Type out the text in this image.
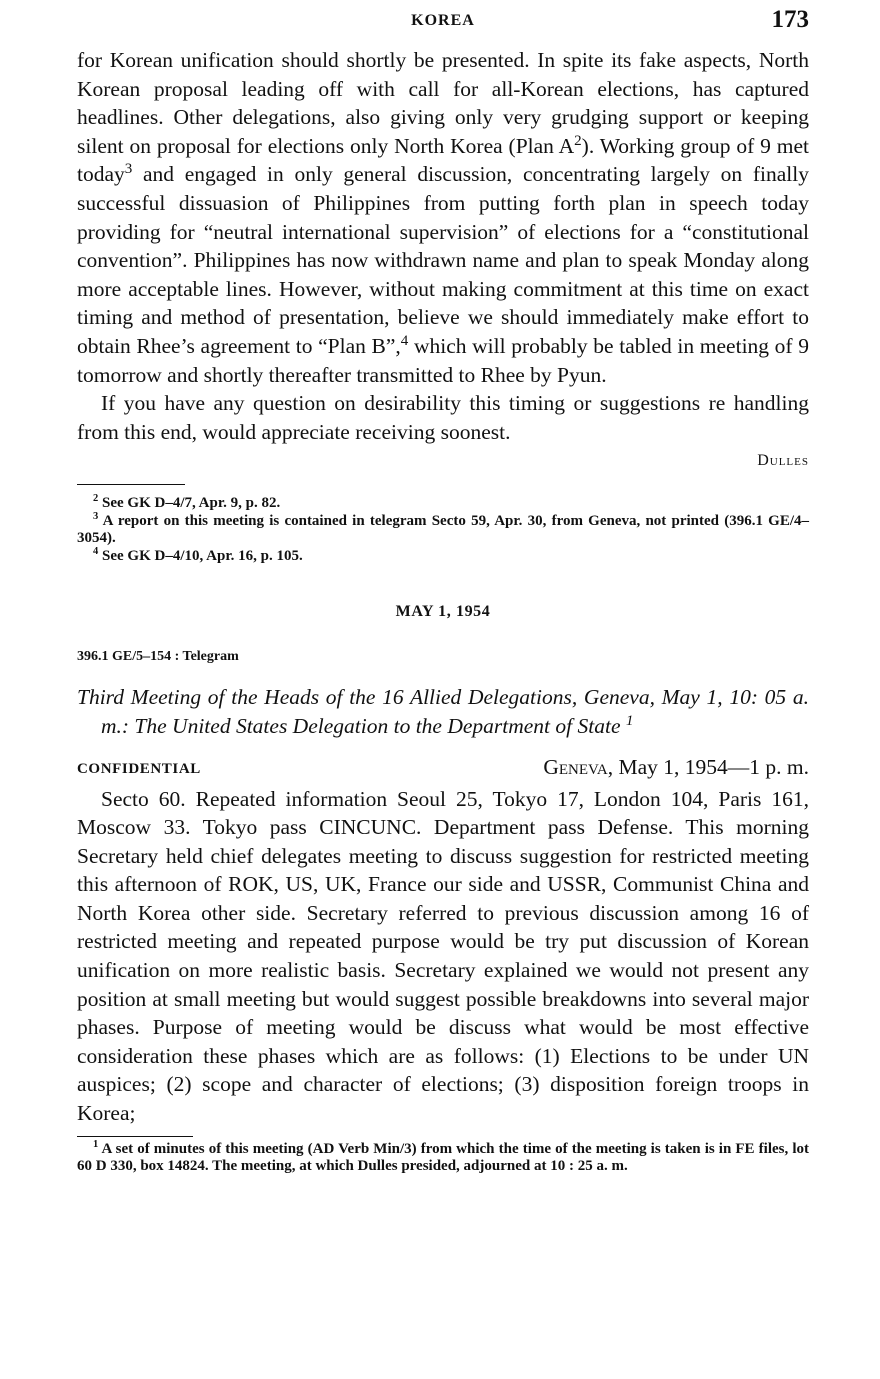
KOREA	173

for Korean unification should shortly be presented. In spite its fake aspects, North Korean proposal leading off with call for all-Korean elections, has captured headlines. Other delegations, also giving only very grudging support or keeping silent on proposal for elections only North Korea (Plan A$^2$). Working group of 9 met today$^3$ and engaged in only general discussion, concentrating largely on finally successful dissuasion of Philippines from putting forth plan in speech today providing for “neutral international supervision” of elections for a “constitutional convention”. Philippines has now withdrawn name and plan to speak Monday along more acceptable lines. However, without making commitment at this time on exact timing and method of presentation, believe we should immediately make effort to obtain Rhee’s agreement to “Plan B”,$^4$ which will probably be tabled in meeting of 9 tomorrow and shortly thereafter transmitted to Rhee by Pyun.

If you have any question on desirability this timing or suggestions re handling from this end, would appreciate receiving soonest.

Dulles

$^2$ See GK D–4/7, Apr. 9, p. 82.

$^3$ A report on this meeting is contained in telegram Secto 59, Apr. 30, from Geneva, not printed (396.1 GE/4–3054).

$^4$ See GK D–4/10, Apr. 16, p. 105.

MAY 1, 1954
396.1 GE/5–154 : Telegram

Third Meeting of the Heads of the 16 Allied Delegations, Geneva, May 1, 10: 05 a. m.: The United States Delegation to the Department of State $^1$

CONFIDENTIAL	Geneva, May 1, 1954—1 p. m.

Secto 60. Repeated information Seoul 25, Tokyo 17, London 104, Paris 161, Moscow 33. Tokyo pass CINCUNC. Department pass Defense. This morning Secretary held chief delegates meeting to discuss suggestion for restricted meeting this afternoon of ROK, US, UK, France our side and USSR, Communist China and North Korea other side. Secretary referred to previous discussion among 16 of restricted meeting and repeated purpose would be try put discussion of Korean unification on more realistic basis. Secretary explained we would not present any position at small meeting but would suggest possible breakdowns into several major phases. Purpose of meeting would be discuss what would be most effective consideration these phases which are as follows: (1) Elections to be under UN auspices; (2) scope and character of elections; (3) disposition foreign troops in Korea;

$^1$ A set of minutes of this meeting (AD Verb Min/3) from which the time of the meeting is taken is in FE files, lot 60 D 330, box 14824. The meeting, at which Dulles presided, adjourned at 10 : 25 a. m.
